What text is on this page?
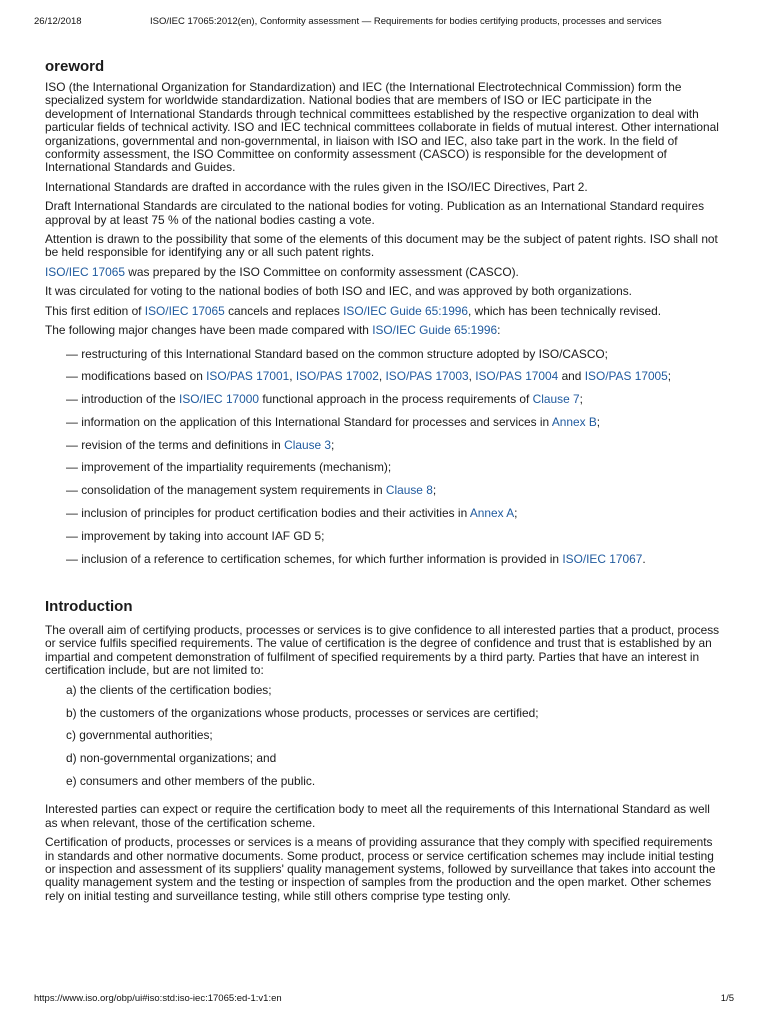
26/12/2018	ISO/IEC 17065:2012(en), Conformity assessment — Requirements for bodies certifying products, processes and services
oreword

ISO (the International Organization for Standardization) and IEC (the International Electrotechnical Commission) form the specialized system for worldwide standardization. National bodies that are members of ISO or IEC participate in the development of International Standards through technical committees established by the respective organization to deal with particular fields of technical activity. ISO and IEC technical committees collaborate in fields of mutual interest. Other international organizations, governmental and non-governmental, in liaison with ISO and IEC, also take part in the work. In the field of conformity assessment, the ISO Committee on conformity assessment (CASCO) is responsible for the development of International Standards and Guides.

International Standards are drafted in accordance with the rules given in the ISO/IEC Directives, Part 2.

Draft International Standards are circulated to the national bodies for voting. Publication as an International Standard requires approval by at least 75 % of the national bodies casting a vote.

Attention is drawn to the possibility that some of the elements of this document may be the subject of patent rights. ISO shall not be held responsible for identifying any or all such patent rights.

ISO/IEC 17065 was prepared by the ISO Committee on conformity assessment (CASCO).

It was circulated for voting to the national bodies of both ISO and IEC, and was approved by both organizations.

This first edition of ISO/IEC 17065 cancels and replaces ISO/IEC Guide 65:1996, which has been technically revised.

The following major changes have been made compared with ISO/IEC Guide 65:1996:

— restructuring of this International Standard based on the common structure adopted by ISO/CASCO;
— modifications based on ISO/PAS 17001, ISO/PAS 17002, ISO/PAS 17003, ISO/PAS 17004 and ISO/PAS 17005;
— introduction of the ISO/IEC 17000 functional approach in the process requirements of Clause 7;
— information on the application of this International Standard for processes and services in Annex B;
— revision of the terms and definitions in Clause 3;
— improvement of the impartiality requirements (mechanism);
— consolidation of the management system requirements in Clause 8;
— inclusion of principles for product certification bodies and their activities in Annex A;
— improvement by taking into account IAF GD 5;
— inclusion of a reference to certification schemes, for which further information is provided in ISO/IEC 17067.
Introduction

The overall aim of certifying products, processes or services is to give confidence to all interested parties that a product, process or service fulfils specified requirements. The value of certification is the degree of confidence and trust that is established by an impartial and competent demonstration of fulfilment of specified requirements by a third party. Parties that have an interest in certification include, but are not limited to:

a) the clients of the certification bodies;
b) the customers of the organizations whose products, processes or services are certified;
c) governmental authorities;
d) non-governmental organizations; and
e) consumers and other members of the public.

Interested parties can expect or require the certification body to meet all the requirements of this International Standard as well as when relevant, those of the certification scheme.

Certification of products, processes or services is a means of providing assurance that they comply with specified requirements in standards and other normative documents. Some product, process or service certification schemes may include initial testing or inspection and assessment of its suppliers' quality management systems, followed by surveillance that takes into account the quality management system and the testing or inspection of samples from the production and the open market. Other schemes rely on initial testing and surveillance testing, while still others comprise type testing only.

https://www.iso.org/obp/ui#iso:std:iso-iec:17065:ed-1:v1:en	1/5
